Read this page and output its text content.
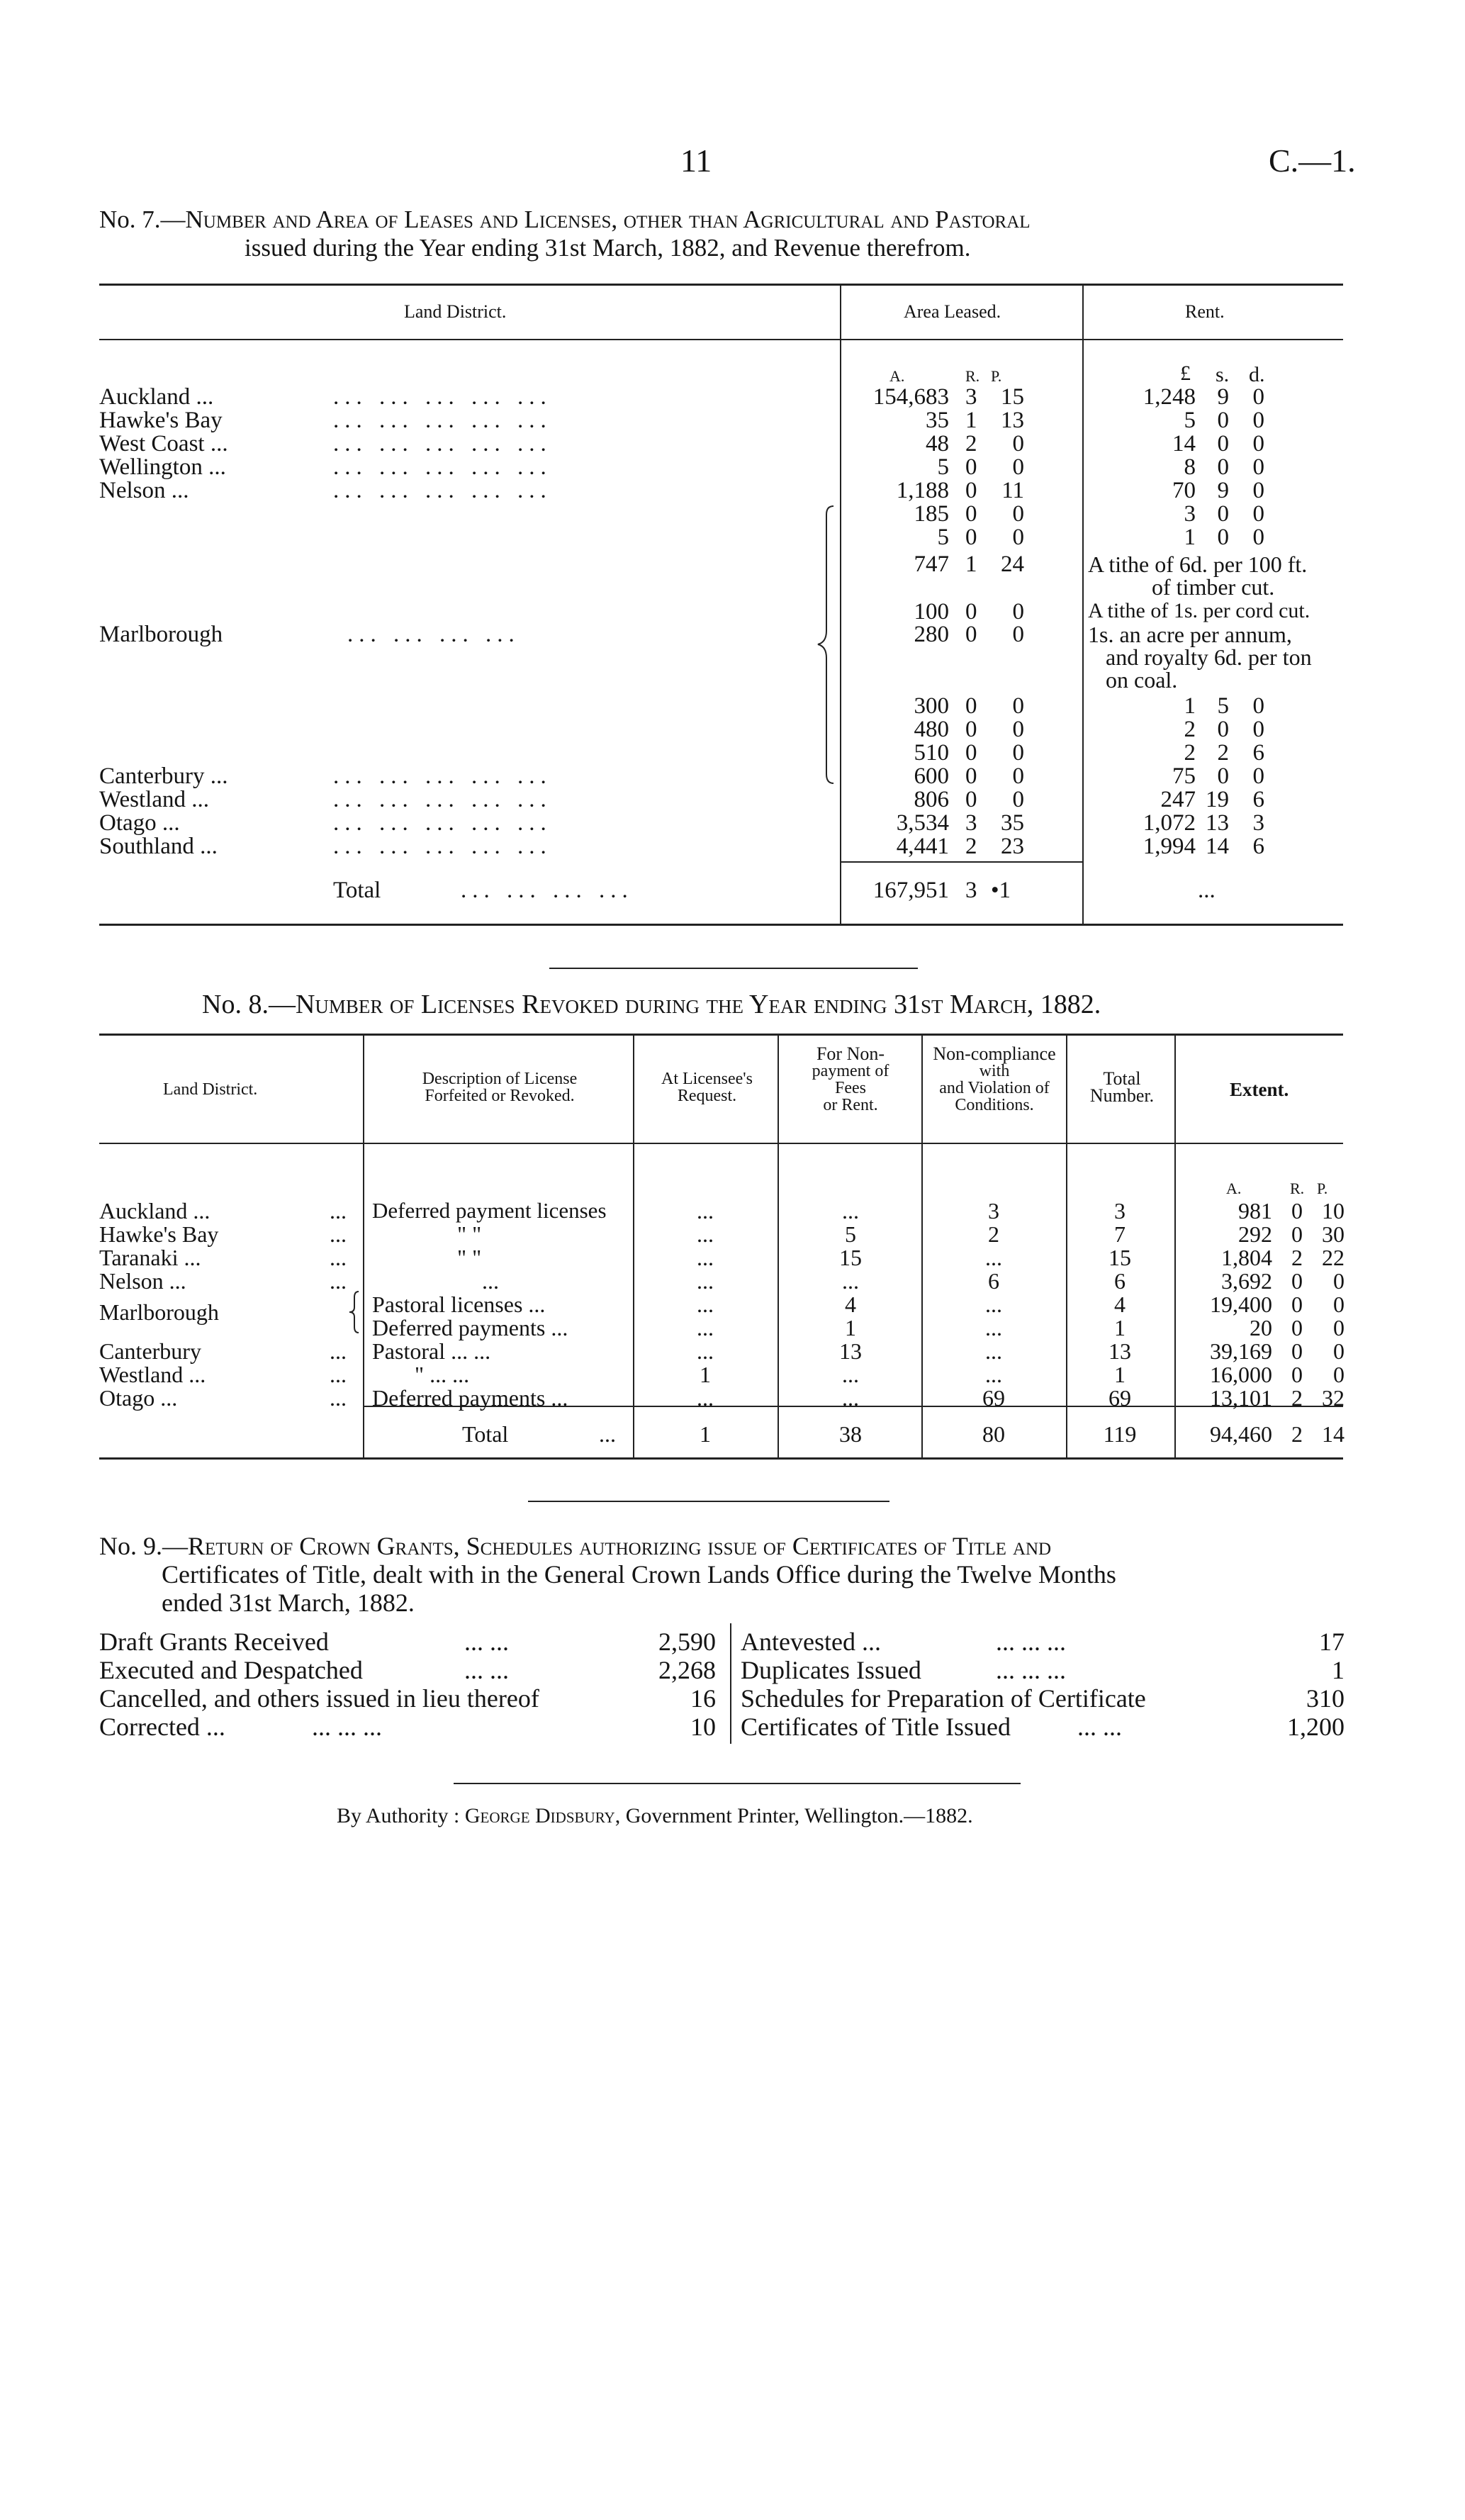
11	C.—1.
No. 7.—Number and Area of Leases and Licenses, other than Agricultural and Pastoral
issued during the Year ending 31st March, 1882, and Revenue therefrom.
Land District.	Area Leased.	Rent.
A.	R. P.	£ s. d.
Auckland ...	... ... ... ... ...	154,683 3 15	1,248 9 0
Hawke's Bay	... ... ... ... ...	35 1 13	5 0 0
West Coast ...	... ... ... ... ...	48 2 0	14 0 0
Wellington ...	... ... ... ... ...	5 0 0	8 0 0
Nelson ...	... ... ... ... ...	1,188 0 11	70 9 0
185 0 0	3 0 0
5 0 0	1 0 0
747 1 24	A tithe of 6d. per 100 ft.
of timber cut.
100 0 0	A tithe of 1s. per cord cut.
Marlborough	... ... ... ...	280 0 0	1s. an acre per annum,
and royalty 6d. per ton
on coal.
300 0 0	1 5 0
480 0 0	2 0 0
510 0 0	2 2 6
Canterbury ...	... ... ... ... ...	600 0 0	75 0 0
Westland ...	... ... ... ... ...	806 0 0	247 19 6
Otago ...	... ... ... ... ...	3,534 3 35	1,072 13 3
Southland ...	... ... ... ... ...	4,441 2 23	1,994 14 6
Total	... ... ... ...	167,951 3 •1	...
No. 8.—Number of Licenses Revoked during the Year ending 31st March, 1882.
Land District.
Description of License
Forfeited or Revoked.
At Licensee's
Request.
For Non-
payment of
Fees
or Rent.
Non-compliance
with
and Violation of
Conditions.
Total
Number.	Extent.
A.	R. P.
Auckland ...	... Deferred payment licenses	...	...	3	3	981 0 10
Hawke's Bay	...	" "	...	5	2	7	292 0 30
Taranaki ...	...	" "	...	15	...	15	1,804 2 22
Nelson ...	...	...	...	...	6	6	3,692 0 0
Marlborough	Pastoral licenses ...	...	4	...	4	19,400 0 0
Deferred payments ...	...	1	...	1	20 0 0
Canterbury	... Pastoral ... ...	...	13	...	13	39,169 0 0
Westland ...	...	" ... ...	1	...	...	1	16,000 0 0
Otago ...	... Deferred payments ...	...	...	69	69	13,101 2 32
Total	...	1	38	80	119	94,460 2 14
No. 9.—Return of Crown Grants, Schedules authorizing issue of Certificates of Title and
Certificates of Title, dealt with in the General Crown Lands Office during the Twelve Months
ended 31st March, 1882.
Draft Grants Received	... ...	2,590
Executed and Despatched	... ...	2,268
Cancelled, and others issued in lieu thereof	16
Corrected ...	... ... ...	10
Antevested ...	... ... ...	17
Duplicates Issued	... ... ...	1
Schedules for Preparation of Certificate	310
Certificates of Title Issued	... ...	1,200
By Authority : George Didsbury, Government Printer, Wellington.—1882.
